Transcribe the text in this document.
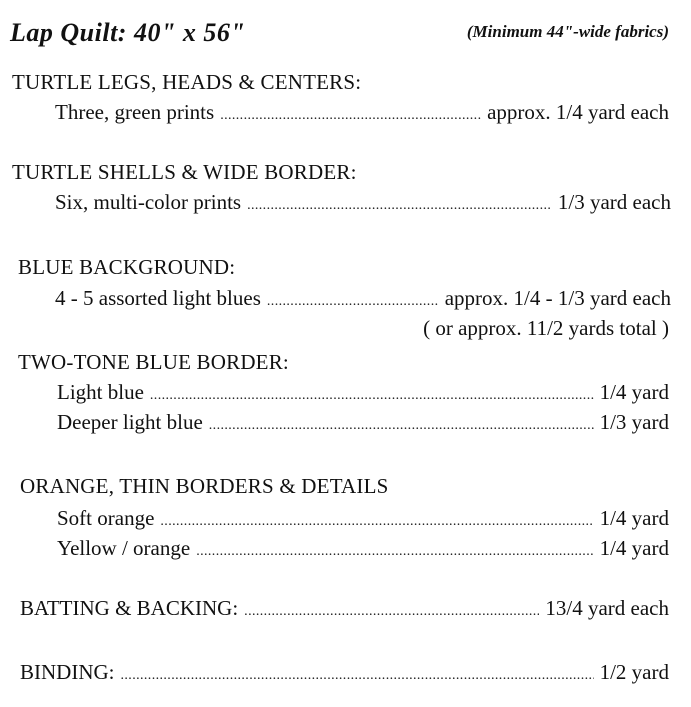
Lap Quilt: 40" x 56"	(Minimum 44"-wide fabrics)
TURTLE LEGS, HEADS & CENTERS:
Three, green prints .....	approx. 1/4 yard each
TURTLE SHELLS & WIDE BORDER:
Six, multi-color prints .....	1/3 yard each
BLUE BACKGROUND:
4 - 5 assorted light blues .....	approx. 1/4 - 1/3 yard each
( or approx. 11/2 yards total )
TWO-TONE BLUE BORDER:
Light blue .....	1/4 yard
Deeper light blue .....	1/3 yard
ORANGE, THIN BORDERS & DETAILS
Soft orange .....	1/4 yard
Yellow / orange .....	1/4 yard
BATTING & BACKING: .....	13/4 yard each
BINDING: .....	1/2 yard
